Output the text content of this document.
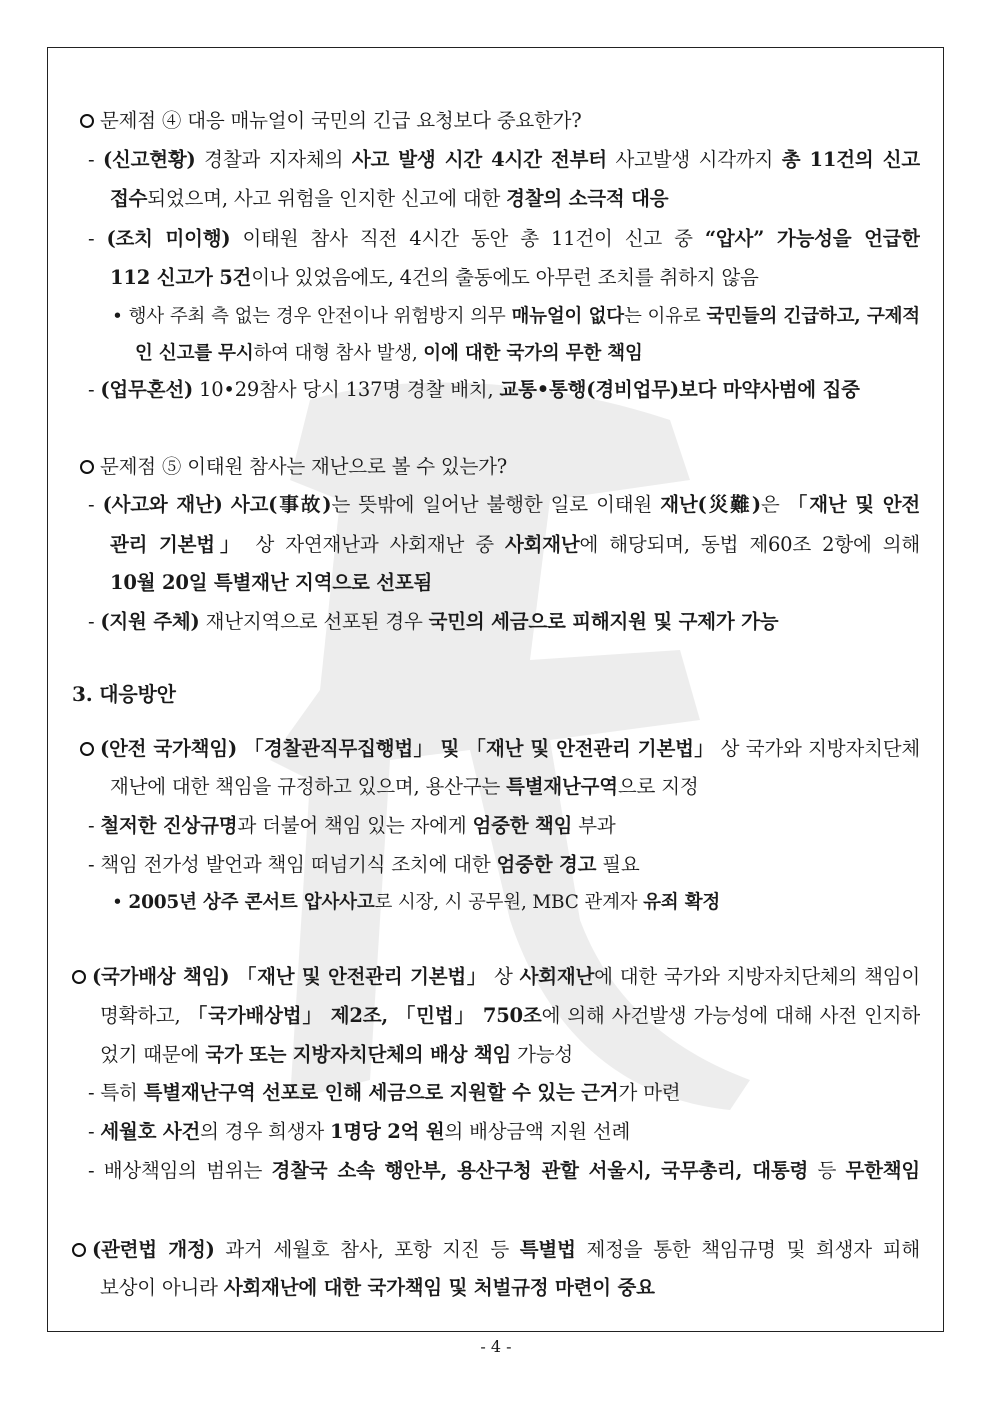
문제점 ④ 대응 매뉴얼이 국민의 긴급 요청보다 중요한가?
- (신고현황) 경찰과 지자체의 사고 발생 시간 4시간 전부터 사고발생 시각까지 총 11건의 신고
접수되었으며, 사고 위험을 인지한 신고에 대한 경찰의 소극적 대응
- (조치 미이행) 이태원 참사 직전 4시간 동안 총 11건이 신고 중 “압사” 가능성을 언급한
112 신고가 5건이나 있었음에도, 4건의 출동에도 아무런 조치를 취하지 않음
• 행사 주최 측 없는 경우 안전이나 위험방지 의무 매뉴얼이 없다는 이유로 국민들의 긴급하고, 구제적
인 신고를 무시하여 대형 참사 발생, 이에 대한 국가의 무한 책임
- (업무혼선) 10•29참사 당시 137명 경찰 배치, 교통•통행(경비업무)보다 마약사범에 집중
문제점 ⑤ 이태원 참사는 재난으로 볼 수 있는가?
- (사고와 재난) 사고(事故)는 뜻밖에 일어난 불행한 일로 이태원 재난(災難)은 「재난 및 안전
관리 기본법」 상 자연재난과 사회재난 중 사회재난에 해당되며, 동법 제60조 2항에 의해
10월 20일 특별재난 지역으로 선포됨
- (지원 주체) 재난지역으로 선포된 경우 국민의 세금으로 피해지원 및 구제가 가능
3. 대응방안
(안전 국가책임) 「경찰관직무집행법」 및 「재난 및 안전관리 기본법」 상 국가와 지방자치단체
재난에 대한 책임을 규정하고 있으며, 용산구는 특별재난구역으로 지정
- 철저한 진상규명과 더불어 책임 있는 자에게 엄중한 책임 부과
- 책임 전가성 발언과 책임 떠넘기식 조치에 대한 엄중한 경고 필요
• 2005년 상주 콘서트 압사사고로 시장, 시 공무원, MBC 관계자 유죄 확정
(국가배상 책임) 「재난 및 안전관리 기본법」 상 사회재난에 대한 국가와 지방자치단체의 책임이
명확하고, 「국가배상법」 제2조, 「민법」 750조에 의해 사건발생 가능성에 대해 사전 인지하
었기 때문에 국가 또는 지방자치단체의 배상 책임 가능성
- 특히 특별재난구역 선포로 인해 세금으로 지원할 수 있는 근거가 마련
- 세월호 사건의 경우 희생자 1명당 2억 원의 배상금액 지원 선례
- 배상책임의 범위는 경찰국 소속 행안부, 용산구청 관할 서울시, 국무총리, 대통령 등 무한책임
(관련법 개정) 과거 세월호 참사, 포항 지진 등 특별법 제정을 통한 책임규명 및 희생자 피해
보상이 아니라 사회재난에 대한 국가책임 및 처벌규정 마련이 중요
- 4 -
